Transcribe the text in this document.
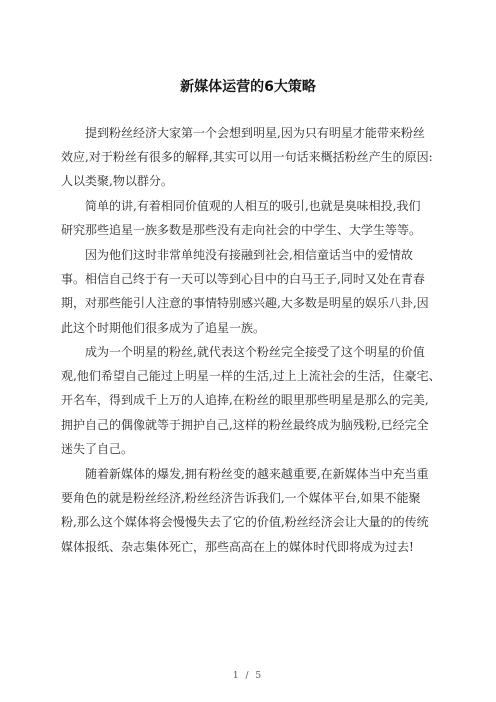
新媒体运营的6大策略
提到粉丝经济大家第一个会想到明星,因为只有明星才能带来粉丝
效应,对于粉丝有很多的解释,其实可以用一句话来概括粉丝产生的原因:
人以类聚,物以群分。
简单的讲,有着相同价值观的人相互的吸引,也就是臭味相投,我们
研究那些追星一族多数是那些没有走向社会的中学生、大学生等等。
因为他们这时非常单纯没有接融到社会,相信童话当中的爱情故
事。相信自己终于有一天可以等到心目中的白马王子,同时又处在青春
期，对那些能引人注意的事情特别感兴趣,大多数是明星的娱乐八卦,因
此这个时期他们很多成为了追星一族。
成为一个明星的粉丝,就代表这个粉丝完全接受了这个明星的价值
观,他们希望自己能过上明星一样的生活,过上上流社会的生活，住豪宅、
开名车，得到成千上万的人追捧,在粉丝的眼里那些明星是那么的完美,
拥护自己的偶像就等于拥护自己,这样的粉丝最终成为脑残粉,已经完全
迷失了自己。
随着新媒体的爆发,拥有粉丝变的越来越重要,在新媒体当中充当重
要角色的就是粉丝经济,粉丝经济告诉我们,一个媒体平台,如果不能聚
粉,那么这个媒体将会慢慢失去了它的价值,粉丝经济会让大量的的传统
媒体报纸、杂志集体死亡，那些高高在上的媒体时代即将成为过去!
1 / 5
